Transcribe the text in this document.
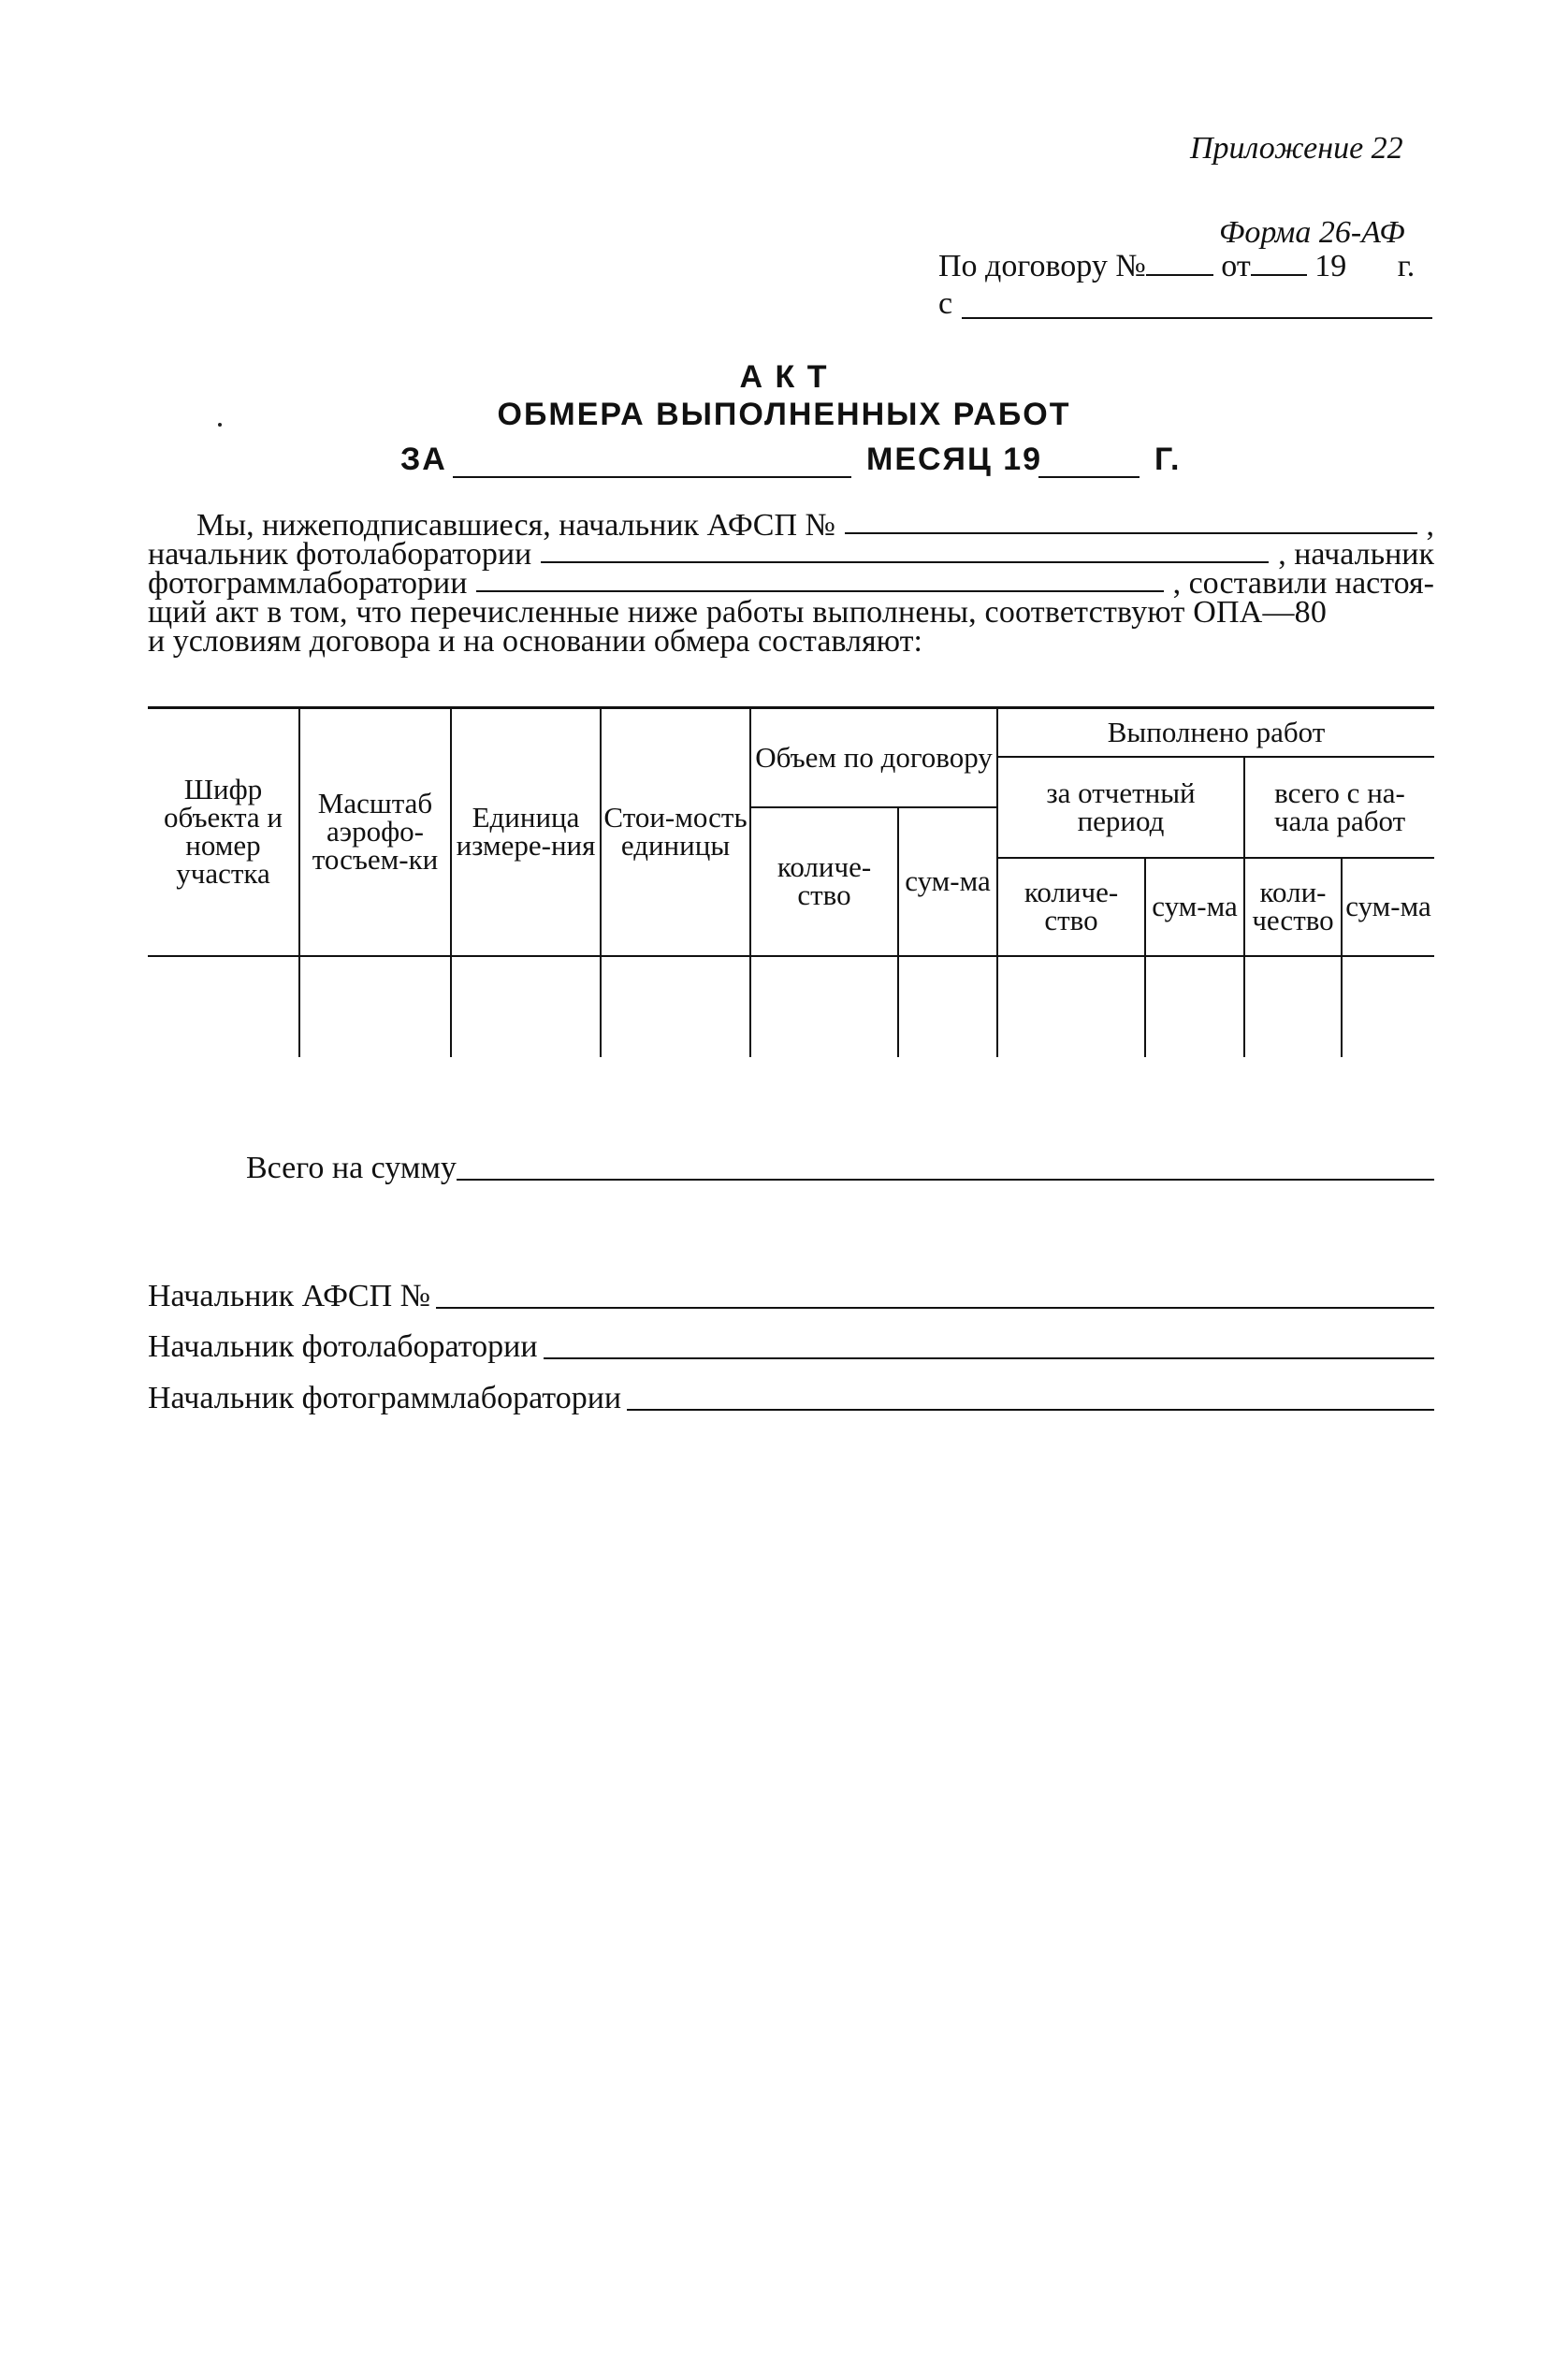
Приложение 22
Форма 26-АФ
По договору № от 19 г.
с
А К Т
ОБМЕРА ВЫПОЛНЕННЫХ РАБОТ
ЗА	МЕСЯЦ 19	Г.
Мы, нижеподписавшиеся, начальник АФСП №	,
начальник фотолаборатории	, начальник
фотограммлаборатории	, составили настоя-
щий акт в том, что перечисленные ниже работы выполнены, соответствуют ОПА—80
и условиям договора и на основании обмера составляют:
Шифр объекта и номер участка	Масштаб аэрофо-тосъем-ки	Единица измере-ния	Стои-мость единицы	Объем по договору		Выполнено работ			
						за отчетный период		всего с на-чала работ	
				количе-ство	сум-ма				
						количе-ство	сум-ма	коли-чество	сум-ма

Всего на сумму
Начальник АФСП №
Начальник фотолаборатории
Начальник фотограммлаборатории
